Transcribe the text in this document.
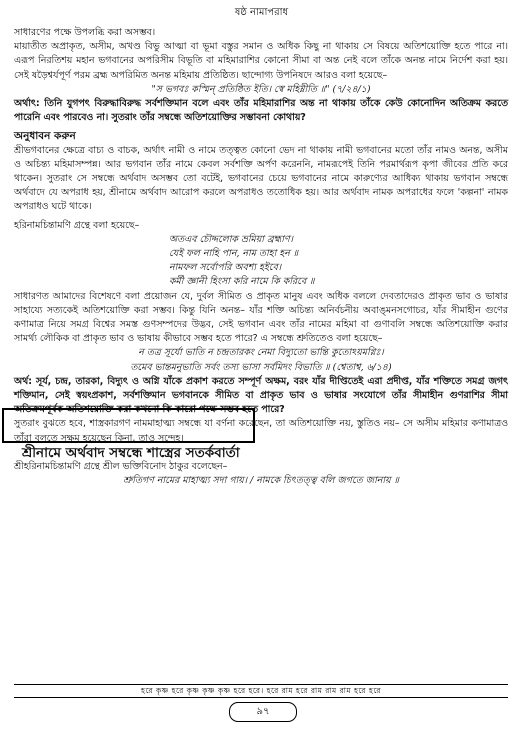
ষষ্ঠ নামাপরাধ

সাধারণের পক্ষে উপলব্ধি করা অসম্ভব।

মায়াতীত অপ্রাকৃত, অসীম, অখণ্ড বিভু আত্মা বা ভূমা বস্তুর সমান ও অধিক কিছু না থাকায় সে বিষয়ে অতিশয়োক্তি হতে পারে না। এরূপ নিরতিশয় মহান ভগবানের অপরিসীম বিভূতি বা মহিমারাশির কোনো সীমা বা অন্ত নেই বলে তাঁকে অনন্ত নামে নির্দেশ করা হয়। সেই ষড়ৈশ্বর্যপূর্ণ পরম ব্রহ্ম অপরিমিত অনন্ত মহিমায় প্রতিষ্ঠিত। ছান্দোগ্য উপনিষদে আরও বলা হয়েছে–

"স ভগবঃ কস্মিন্‌ প্রতিষ্ঠিত ইতি। স্বে মহিম্নীতি ॥" (৭/২৪/১)

অর্থাৎ: তিনি যুগপৎ বিরুদ্ধাবিরুদ্ধ সর্বশক্তিমান বলে এবং তাঁর মহিমারাশির অন্ত না থাকায় তাঁকে কেউ কোনোদিন অতিক্রম করতে পারেনি এবং পারবেও না। সুতরাং তাঁর সম্বন্ধে অতিশয়োক্তির সম্ভাবনা কোথায়?

অনুধাবন করুন

শ্রীভগবানের ক্ষেত্রে বাচ্য ও বাচক, অর্থাৎ নামী ও নামে তত্ত্বত কোনো ভেদ না থাকায় নামী ভগবানের মতো তাঁর নামও অনন্ত, অসীম ও অচিন্ত্য মহিমাসম্পন্ন। আর ভগবান তাঁর নামে কেবল সর্বশক্তি অর্পণ করেননি, নামরূপেই তিনি পরমার্থরূপ কৃপা জীবের প্রতি করে থাকেন। সুতরাং সে সম্বন্ধে অর্থবাদ অসম্ভব তো বটেই, ভগবানের চেয়ে ভগবানের নামে কারুণ্যের আধিক্য থাকায় ভগবান সম্বন্ধে অর্থবাদে যে অপরাধ হয়, শ্রীনামে অর্থবাদ আরোপ করলে অপরাধও ততোধিক হয়। আর অর্থবাদ নামক অপরাধের ফলে 'কল্পনা' নামক অপরাধও ঘটে থাকে।

হরিনামচিন্তামণি গ্রন্থে বলা হয়েছে–

অতএব চৌদ্দলোক ভ্রমিয়া ব্রহ্মাণ।

যেই ফল নাহি পান, নাম তাহা হন ॥

নামফল সর্বোপরি অবশ্য হইবে।

কর্মী জ্ঞানী হিংসা করি নামে কি করিবে ॥

সাধারণত আমাদের বিশেষণে বলা প্রয়োজন যে, দুর্বল সীমিত ও প্রাকৃত মানুষ এবং অধিক বললে দেবতাদেরও প্রাকৃত ভাব ও ভাষার সাহায্যে সত্যকেই অতিশয়োক্তি করা সম্ভব। কিন্তু যিনি অনন্ত– যাঁর শক্তি অচিন্ত্য অনির্বচনীয় অবাঙ্‌মনসগোচর, যাঁর সীমাহীন গুণের কণামাত্র নিয়ে সমগ্র বিশ্বের সমস্ত গুণসম্পদের উদ্ভব, সেই ভগবান এবং তাঁর নামের মহিমা বা গুণাবলি সম্বন্ধে অতিশয়োক্তি করার সামর্থ্য লৌকিক বা প্রাকৃত ভাব ও ভাষায় কীভাবে সম্ভব হতে পারে? এ সম্বন্ধে শ্রুতিতেও বলা হয়েছে–

ন তত্র সূর্যো ভাতি ন চন্দ্রতারকং নেমা বিদ্যুতো ভান্তি কুতোঽয়মগ্নিঃ।

তমেব ভান্তমনুভাতি সর্বং তস্য ভাসা সর্বমিদং বিভাতি ॥ (শ্বেতাশ্ব, ৬/১৪)

অর্থ: সূর্য, চন্দ্র, তারকা, বিদ্যুৎ ও অগ্নি যাঁকে প্রকাশ করতে সম্পূর্ণ অক্ষম, বরং যাঁর দীপ্তিতেই এরা প্রদীপ্ত, যাঁর শক্তিতে সমগ্র জগৎ শক্তিমান, সেই স্বয়ংপ্রকাশ, সর্বশক্তিমান ভগবানকে সীমিত বা প্রাকৃত ভাব ও ভাষার সংযোগে তাঁর সীমাহীন গুণরাশির সীমা অতিক্রমপূর্বক অতিশয়োক্তি করা কখনো কি কারো পক্ষে সম্ভব হতে পারে?

সুতরাং বুঝতে হবে, শাস্ত্রকারগণ নামমাহাত্ম্য সম্বন্ধে যা বর্ণনা করেছেন, তা অতিশয়োক্তি নয়, স্তুতিও নয়– সে অসীম মহিমার কণামাত্রও তাঁরা বলতে সক্ষম হয়েছেন কিনা, তাও সন্দেহ।

শ্রীনামে অর্থবাদ সম্বন্ধে শাস্ত্রের সতর্কবার্তা

শ্রীহরিনামচিন্তামণি গ্রন্থে শ্রীল ভক্তিবিনোদ ঠাকুর বলেছেন–

শ্রুতিগণ নামের মাহাত্ম্য সদা গায়। / নামকে চিৎতত্ত্ব বলি জগতে জানায় ॥

হরে কৃষ্ণ হরে কৃষ্ণ কৃষ্ণ কৃষ্ণ হরে হরে। হরে রাম হরে রাম রাম রাম হরে হরে
৯৭
